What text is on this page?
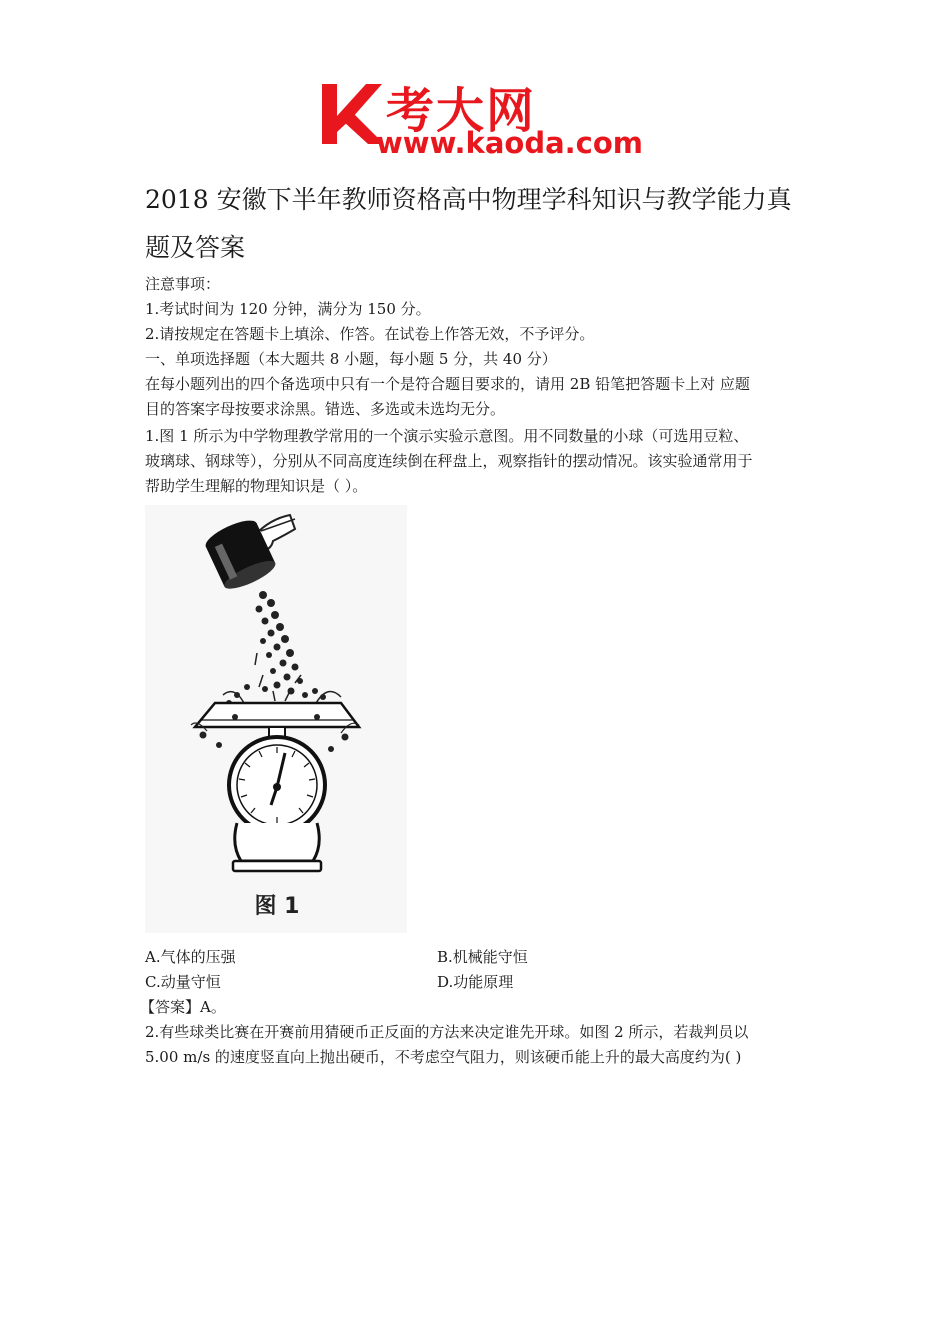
考大网
www.kaoda.com
2018 安徽下半年教师资格高中物理学科知识与教学能力真
题及答案
注意事项：
1.考试时间为 120 分钟，满分为 150 分。
2.请按规定在答题卡上填涂、作答。在试卷上作答无效，不予评分。
一、单项选择题（本大题共 8 小题，每小题 5 分，共 40 分）
在每小题列出的四个备选项中只有一个是符合题目要求的，请用 2B 铅笔把答题卡上对 应题
目的答案字母按要求涂黑。错选、多选或未选均无分。
1.图 1 所示为中学物理教学常用的一个演示实验示意图。用不同数量的小球（可选用豆粒、
玻璃球、钢球等），分别从不同高度连续倒在秤盘上，观察指针的摆动情况。该实验通常用于
帮助学生理解的物理知识是（ ）。
图 1
A.气体的压强	B.机械能守恒
C.动量守恒	D.功能原理
【答案】A。
2.有些球类比赛在开赛前用猜硬币正反面的方法来决定谁先开球。如图 2 所示，若裁判员以
5.00 m/s 的速度竖直向上抛出硬币，不考虑空气阻力，则该硬币能上升的最大高度约为( )
